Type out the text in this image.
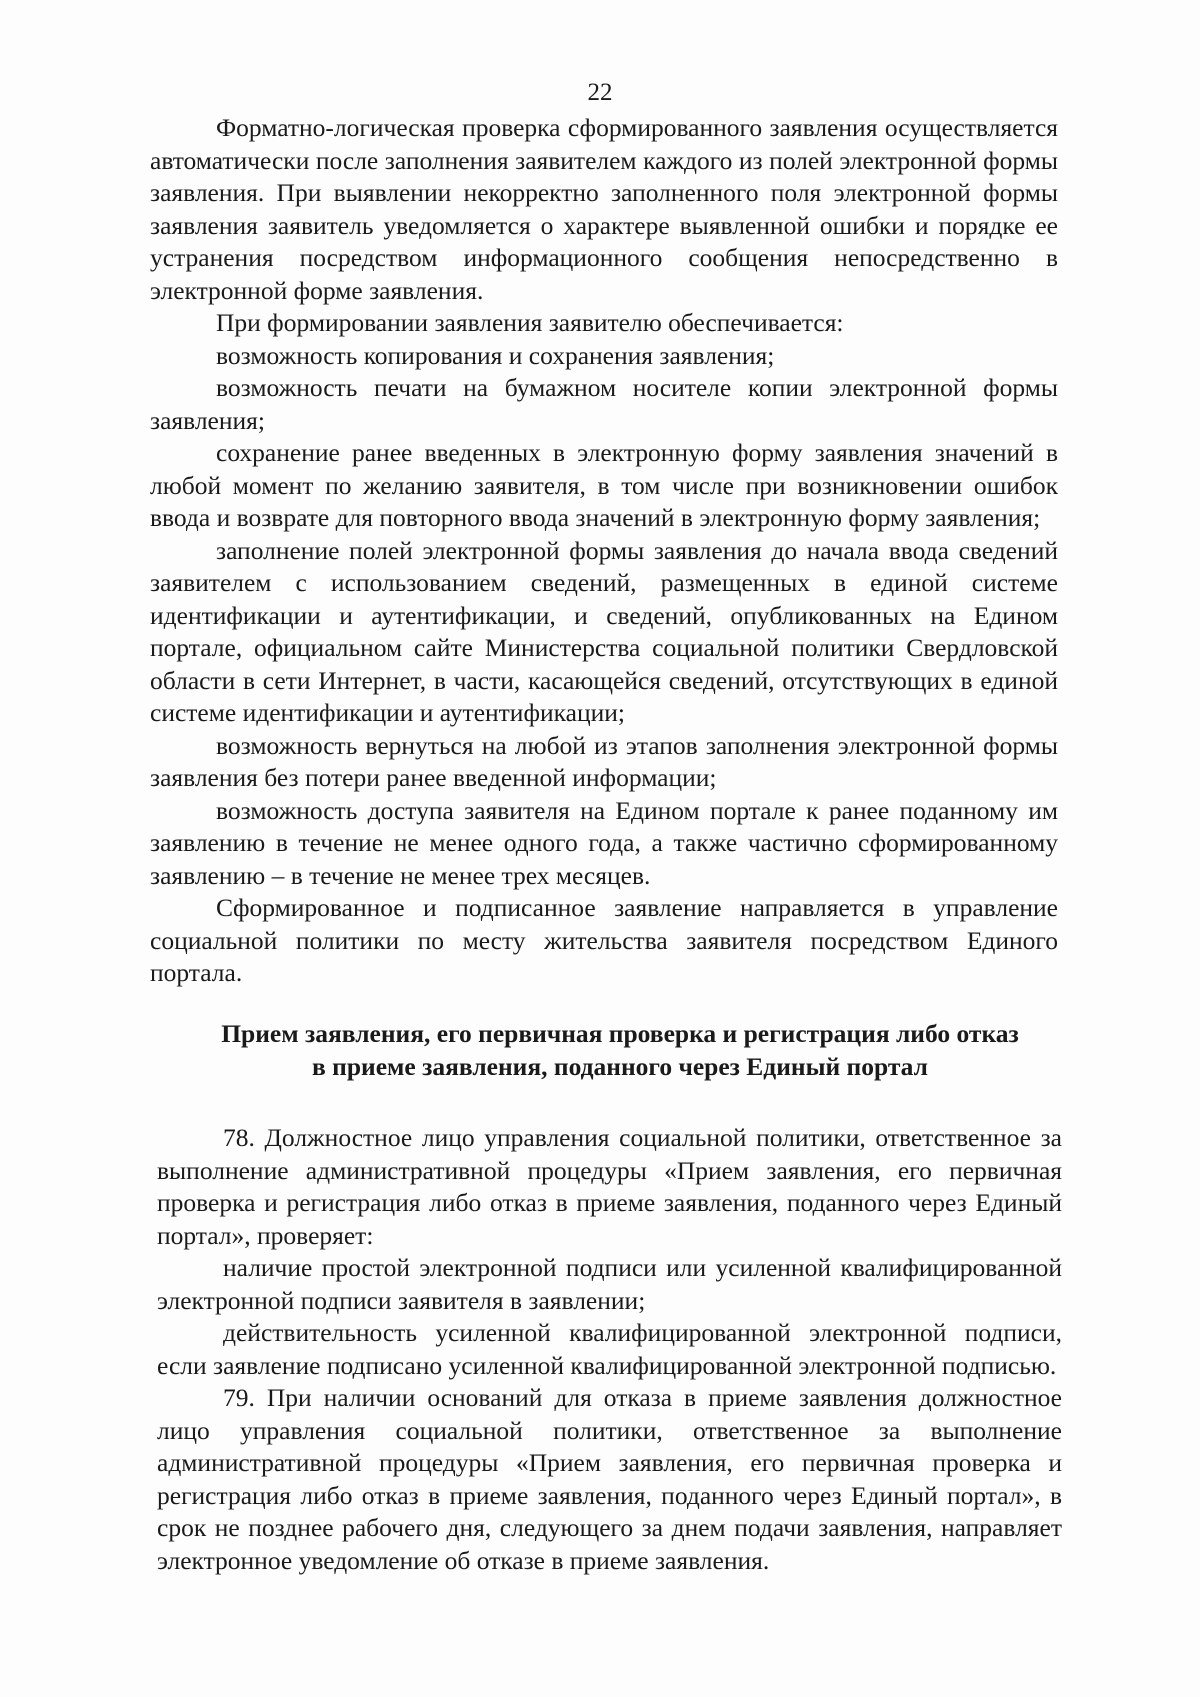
22

Форматно-логическая проверка сформированного заявления осуществляется автоматически после заполнения заявителем каждого из полей электронной формы заявления. При выявлении некорректно заполненного поля электронной формы заявления заявитель уведомляется о характере выявленной ошибки и порядке ее устранения посредством информационного сообщения непосредственно в электронной форме заявления.

При формировании заявления заявителю обеспечивается:

возможность копирования и сохранения заявления;

возможность печати на бумажном носителе копии электронной формы заявления;

сохранение ранее введенных в электронную форму заявления значений в любой момент по желанию заявителя, в том числе при возникновении ошибок ввода и возврате для повторного ввода значений в электронную форму заявления;

заполнение полей электронной формы заявления до начала ввода сведений заявителем с использованием сведений, размещенных в единой системе идентификации и аутентификации, и сведений, опубликованных на Едином портале, официальном сайте Министерства социальной политики Свердловской области в сети Интернет, в части, касающейся сведений, отсутствующих в единой системе идентификации и аутентификации;

возможность вернуться на любой из этапов заполнения электронной формы заявления без потери ранее введенной информации;

возможность доступа заявителя на Едином портале к ранее поданному им заявлению в течение не менее одного года, а также частично сформированному заявлению – в течение не менее трех месяцев.

Сформированное и подписанное заявление направляется в управление социальной политики по месту жительства заявителя посредством Единого портала.

Прием заявления, его первичная проверка и регистрация либо отказ
в приеме заявления, поданного через Единый портал

78. Должностное лицо управления социальной политики, ответственное за выполнение административной процедуры «Прием заявления, его первичная проверка и регистрация либо отказ в приеме заявления, поданного через Единый портал», проверяет:

наличие простой электронной подписи или усиленной квалифицированной электронной подписи заявителя в заявлении;

действительность усиленной квалифицированной электронной подписи, если заявление подписано усиленной квалифицированной электронной подписью.

79. При наличии оснований для отказа в приеме заявления должностное лицо управления социальной политики, ответственное за выполнение административной процедуры «Прием заявления, его первичная проверка и регистрация либо отказ в приеме заявления, поданного через Единый портал», в срок не позднее рабочего дня, следующего за днем подачи заявления, направляет электронное уведомление об отказе в приеме заявления.
